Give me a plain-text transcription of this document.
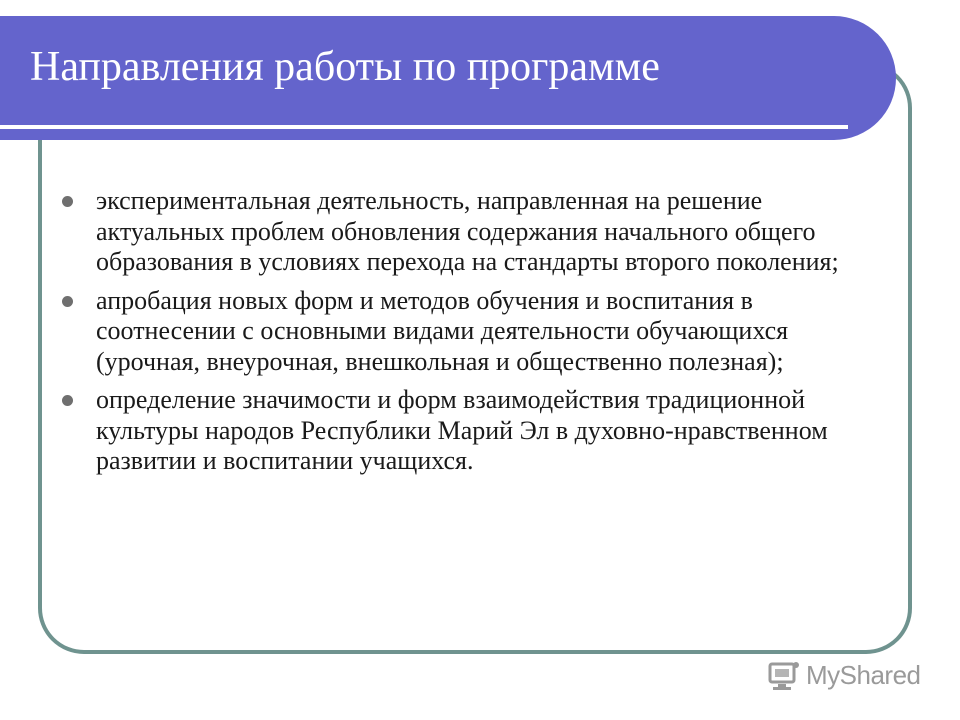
Направления работы по программе
экспериментальная деятельность, направленная на решение актуальных проблем обновления содержания начального общего образования в условиях перехода на стандарты второго поколения;
апробация новых форм и методов обучения и воспитания в соотнесении с основными видами деятельности обучающихся (урочная, внеурочная, внешкольная и общественно полезная);
определение значимости и форм взаимодействия традиционной культуры народов Республики Марий Эл в духовно-нравственном развитии и воспитании учащихся.
MyShared
